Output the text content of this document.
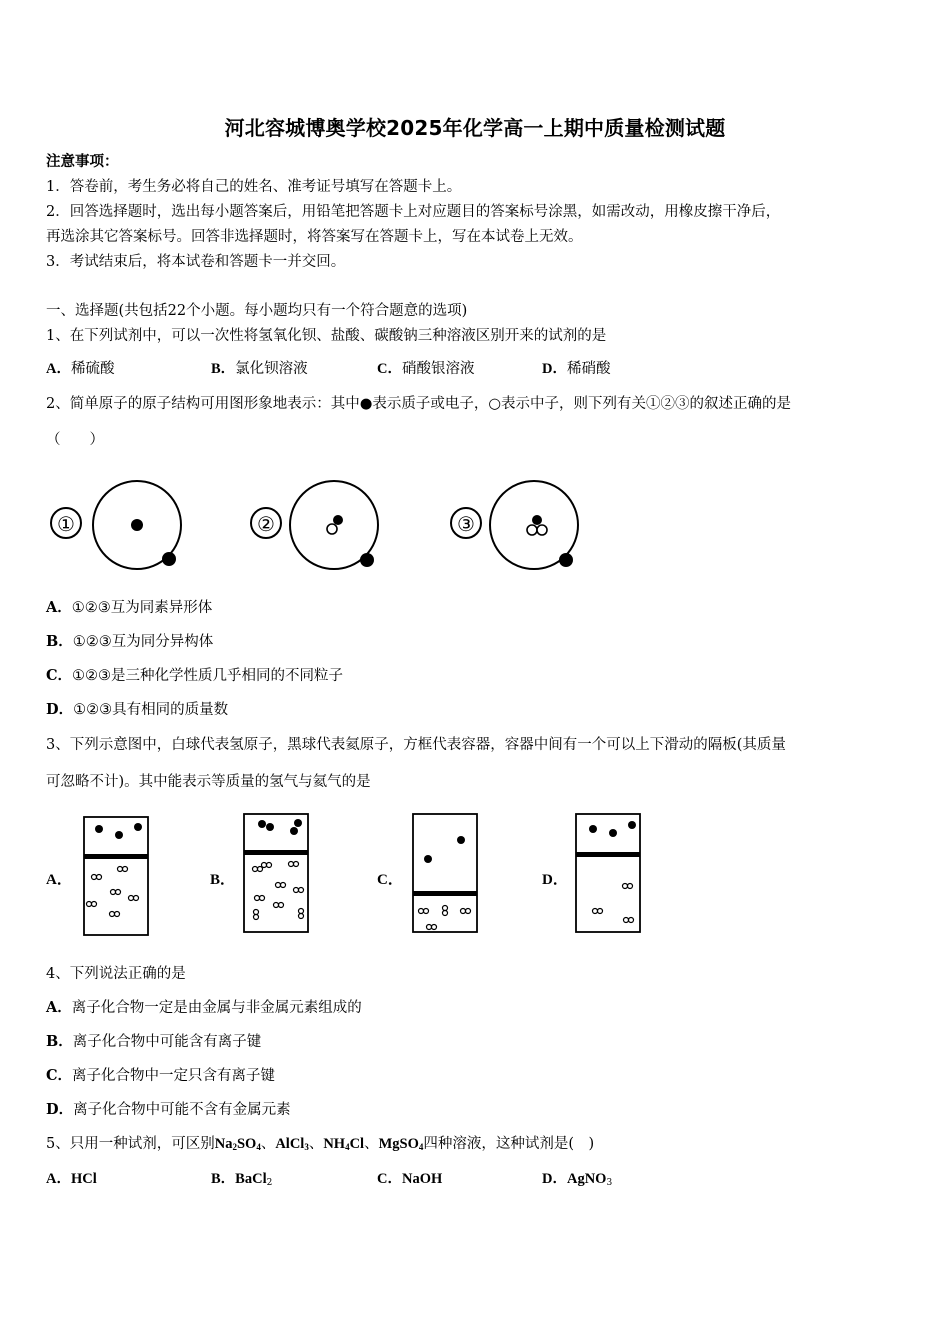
河北容城博奥学校2025年化学高一上期中质量检测试题
注意事项：
1．答卷前，考生务必将自己的姓名、准考证号填写在答题卡上。
2．回答选择题时，选出每小题答案后，用铅笔把答题卡上对应题目的答案标号涂黑，如需改动，用橡皮擦干净后，
再选涂其它答案标号。回答非选择题时，将答案写在答题卡上，写在本试卷上无效。
3．考试结束后，将本试卷和答题卡一并交回。
一、选择题(共包括22个小题。每小题均只有一个符合题意的选项)
1、在下列试剂中，可以一次性将氢氧化钡、盐酸、碳酸钠三种溶液区别开来的试剂的是
A．稀硫酸	B．氯化钡溶液	C．硝酸银溶液	D．稀硝酸
2、简单原子的原子结构可用图形象地表示：其中●表示质子或电子，○表示中子，则下列有关①②③的叙述正确的是
（　　）
①	②	③
A．①②③互为同素异形体
B．①②③互为同分异构体
C．①②③是三种化学性质几乎相同的不同粒子
D．①②③具有相同的质量数
3、下列示意图中，白球代表氢原子，黑球代表氦原子，方框代表容器，容器中间有一个可以上下滑动的隔板(其质量
可忽略不计)。其中能表示等质量的氢气与氦气的是
A．	B．	C．	D．
4、下列说法正确的是
A．离子化合物一定是由金属与非金属元素组成的
B．离子化合物中可能含有离子键
C．离子化合物中一定只含有离子键
D．离子化合物中可能不含有金属元素
5、只用一种试剂，可区别$Na_2SO_4$、AlCl$_3$、$NH_4Cl$、MgSO$_4$四种溶液，这种试剂是(　)
A．HCl	B．BaCl$_2$	C．NaOH	D．AgNO$_3$
